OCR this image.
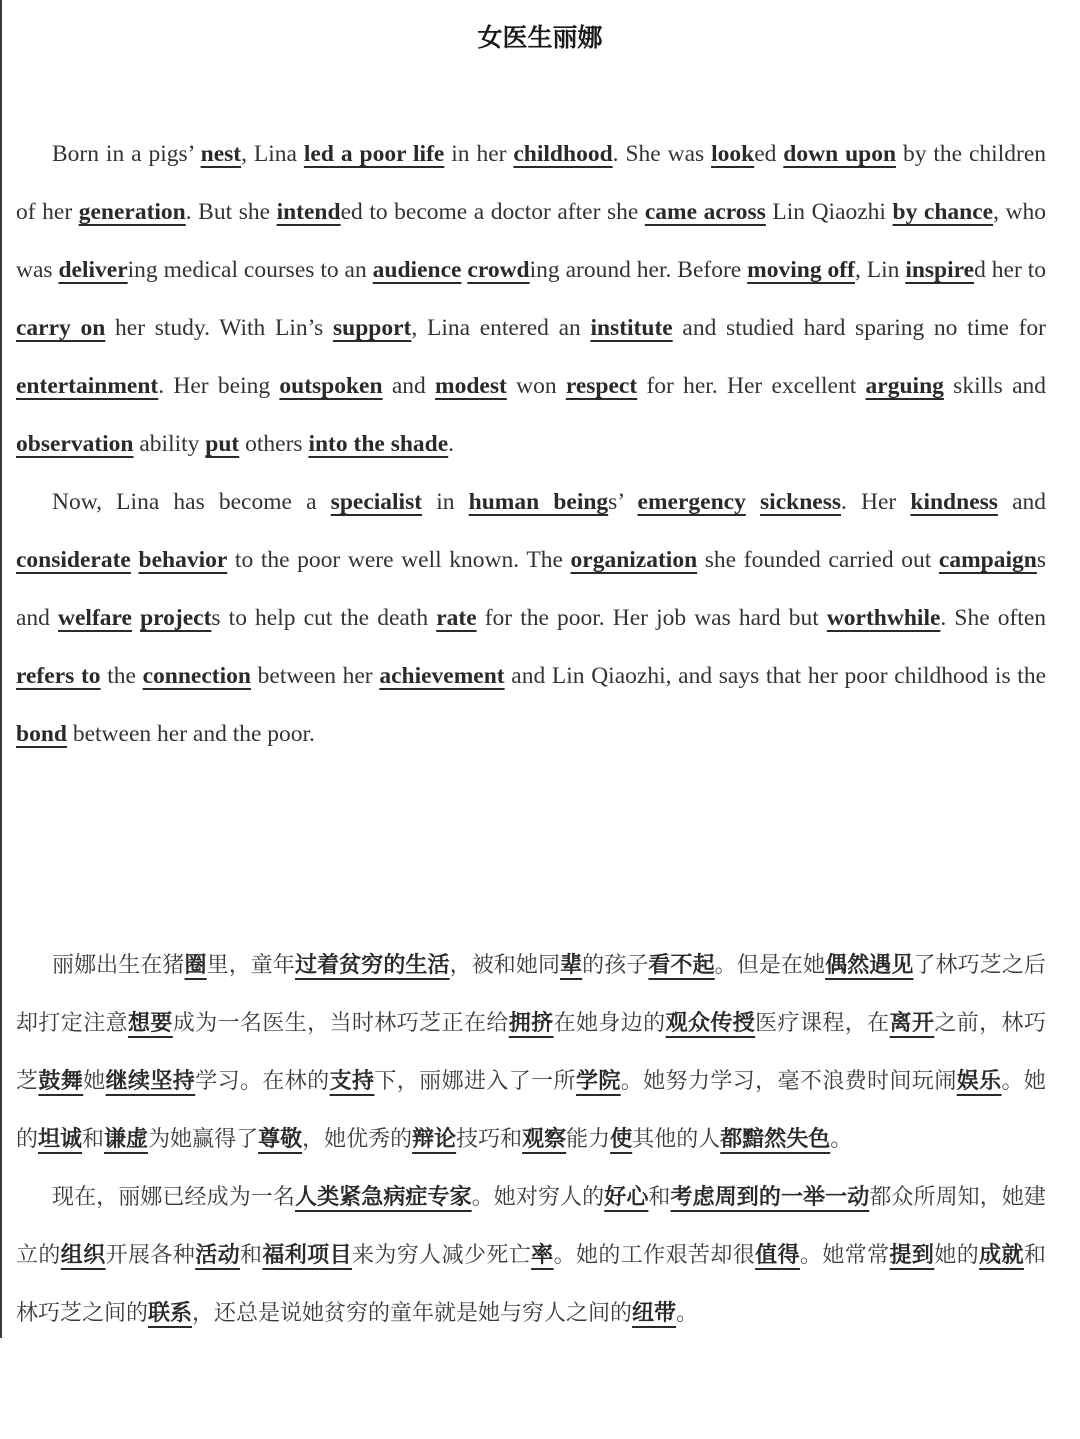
女医生丽娜

Born in a pigs’ nest, Lina led a poor life in her childhood. She was looked down upon by the children of her generation. But she intended to become a doctor after she came across Lin Qiaozhi by chance, who was delivering medical courses to an audience crowding around her. Before moving off, Lin inspired her to carry on her study. With Lin’s support, Lina entered an institute and studied hard sparing no time for entertainment. Her being outspoken and modest won respect for her. Her excellent arguing skills and observation ability put others into the shade.

Now, Lina has become a specialist in human beings’ emergency sickness. Her kindness and considerate behavior to the poor were well known. The organization she founded carried out campaigns and welfare projects to help cut the death rate for the poor. Her job was hard but worthwhile. She often refers to the connection between her achievement and Lin Qiaozhi, and says that her poor childhood is the bond between her and the poor.

丽娜出生在猪圈里，童年过着贫穷的生活，被和她同辈的孩子看不起。但是在她偶然遇见了林巧芝之后却打定注意想要成为一名医生，当时林巧芝正在给拥挤在她身边的观众传授医疗课程，在离开之前，林巧芝鼓舞她继续坚持学习。在林的支持下，丽娜进入了一所学院。她努力学习，毫不浪费时间玩闹娱乐。她的坦诚和谦虚为她赢得了尊敬，她优秀的辩论技巧和观察能力使其他的人都黯然失色。

现在，丽娜已经成为一名人类紧急病症专家。她对穷人的好心和考虑周到的一举一动都众所周知，她建立的组织开展各种活动和福利项目来为穷人减少死亡率。她的工作艰苦却很值得。她常常提到她的成就和林巧芝之间的联系，还总是说她贫穷的童年就是她与穷人之间的纽带。
